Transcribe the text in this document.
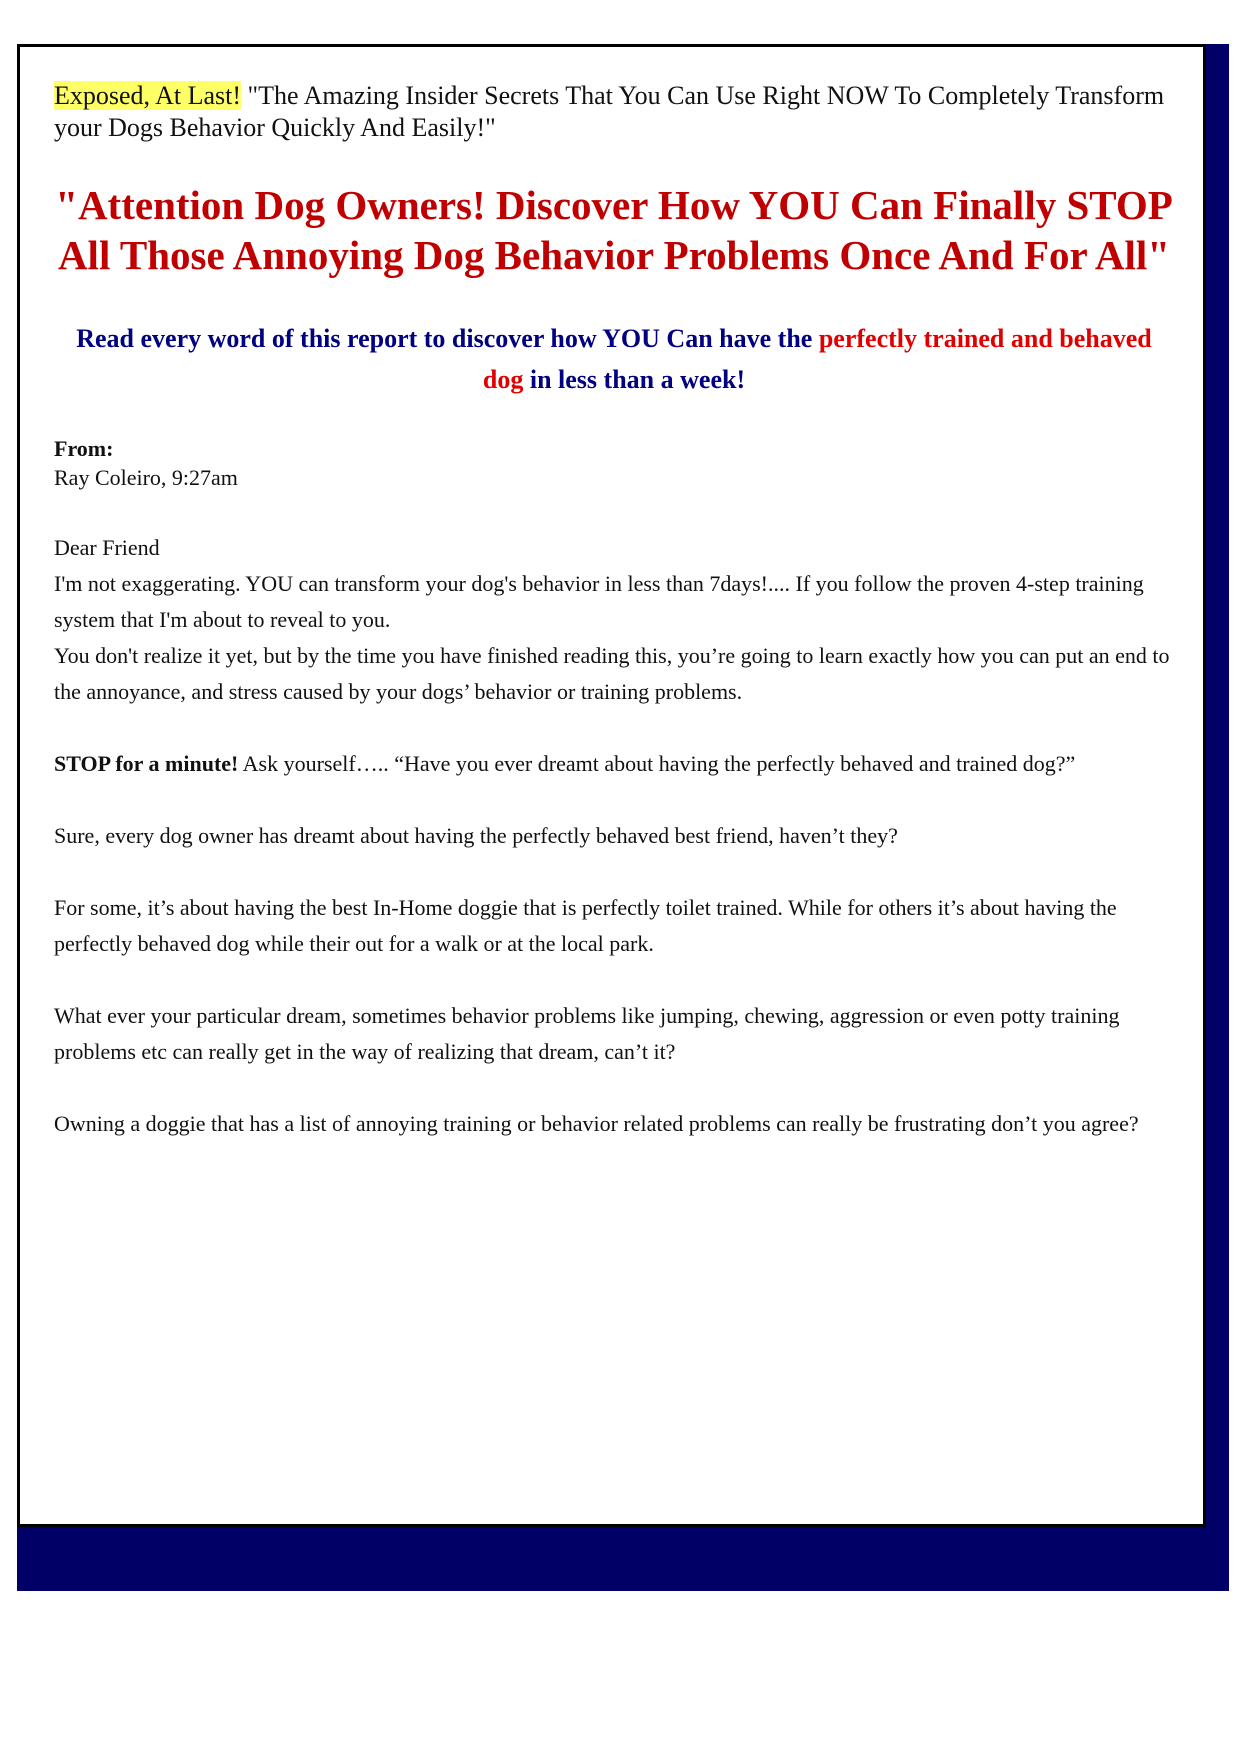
Exposed, At Last! "The Amazing Insider Secrets That You Can Use Right NOW To Completely Transform your Dogs Behavior Quickly And Easily!"

"Attention Dog Owners! Discover How YOU Can Finally STOP All Those Annoying Dog Behavior Problems Once And For All"
Read every word of this report to discover how YOU Can have the perfectly trained and behaved dog in less than a week!
From:
Ray Coleiro, 9:27am

Dear Friend

I'm not exaggerating. YOU can transform your dog's behavior in less than 7days!.... If you follow the proven 4-step training system that I'm about to reveal to you.

You don't realize it yet, but by the time you have finished reading this, you’re going to learn exactly how you can put an end to the annoyance, and stress caused by your dogs’ behavior or training problems.

STOP for a minute! Ask yourself….. “Have you ever dreamt about having the perfectly behaved and trained dog?”

Sure, every dog owner has dreamt about having the perfectly behaved best friend, haven’t they?

For some, it’s about having the best In-Home doggie that is perfectly toilet trained. While for others it’s about having the perfectly behaved dog while their out for a walk or at the local park.

What ever your particular dream, sometimes behavior problems like jumping, chewing, aggression or even potty training problems etc can really get in the way of realizing that dream, can’t it?

Owning a doggie that has a list of annoying training or behavior related problems can really be frustrating don’t you agree?
